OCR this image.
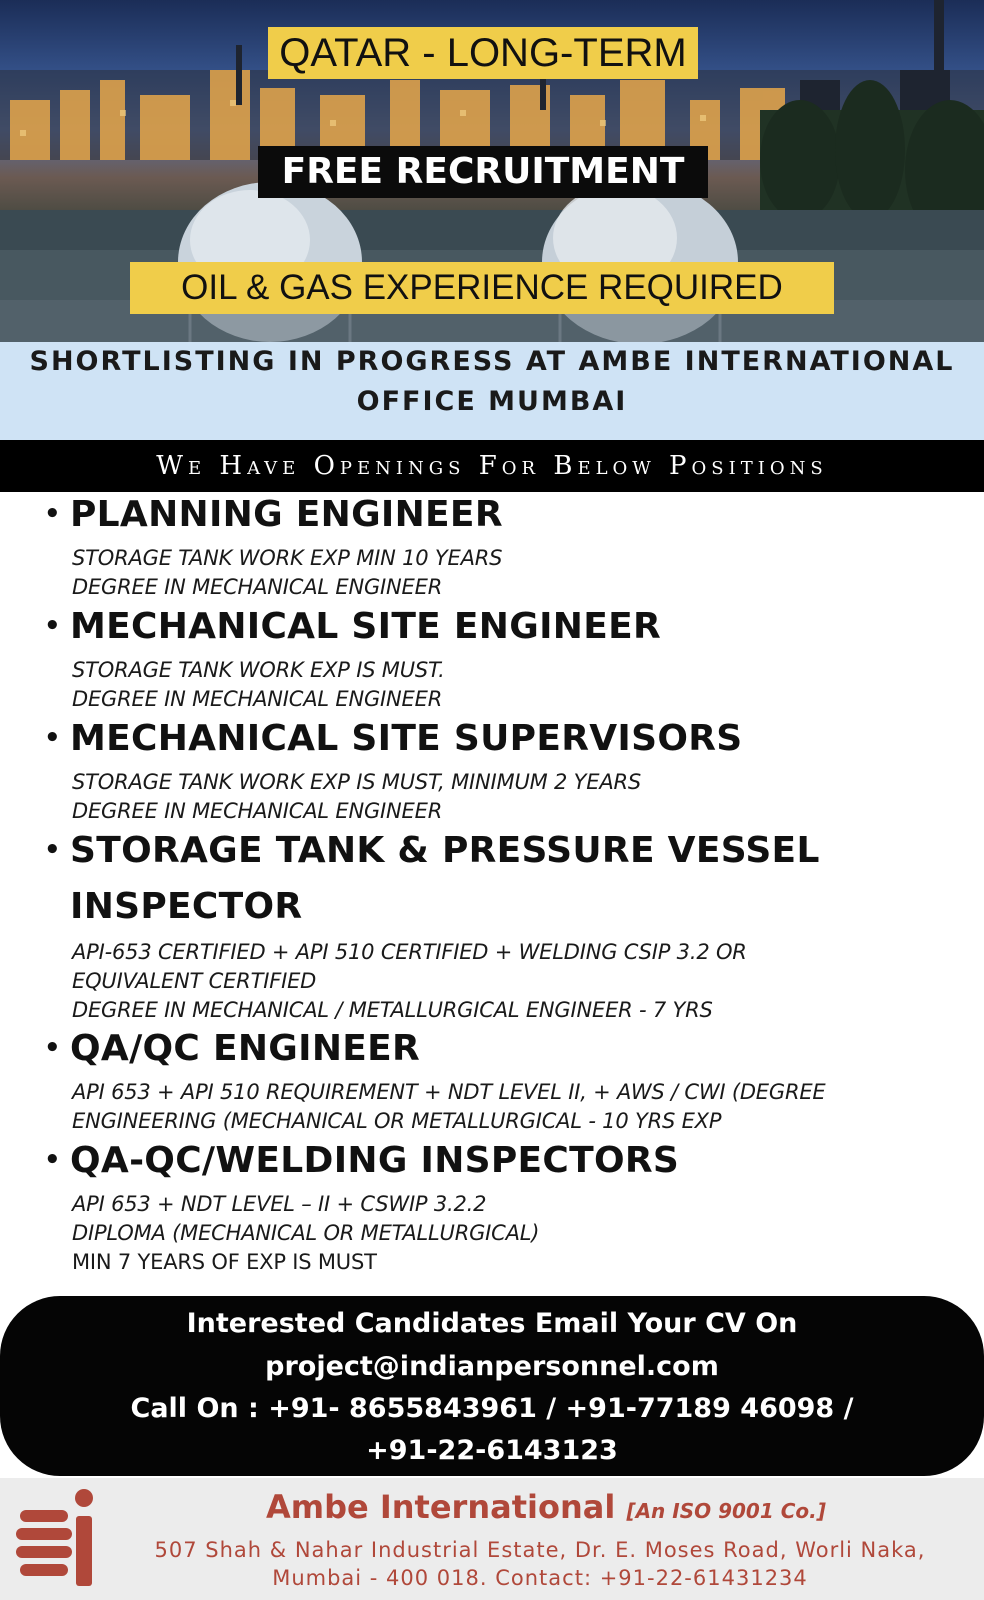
QATAR - LONG-TERM
FREE RECRUITMENT
OIL & GAS EXPERIENCE REQUIRED
SHORTLISTING IN PROGRESS AT AMBE INTERNATIONAL
OFFICE MUMBAI
We Have Openings For Below Positions
• PLANNING ENGINEER
STORAGE TANK WORK EXP MIN 10 YEARS
DEGREE IN MECHANICAL ENGINEER
• MECHANICAL SITE ENGINEER
STORAGE TANK WORK EXP IS MUST.
DEGREE IN MECHANICAL ENGINEER
• MECHANICAL SITE SUPERVISORS
STORAGE TANK WORK EXP IS MUST, MINIMUM 2 YEARS
DEGREE IN MECHANICAL ENGINEER
• STORAGE TANK & PRESSURE VESSEL
INSPECTOR
API-653 CERTIFIED + API 510 CERTIFIED + WELDING CSIP 3.2 OR
EQUIVALENT CERTIFIED
DEGREE IN MECHANICAL / METALLURGICAL ENGINEER - 7 YRS
• QA/QC ENGINEER
API 653 + API 510 REQUIREMENT + NDT LEVEL II, + AWS / CWI (DEGREE
ENGINEERING (MECHANICAL OR METALLURGICAL - 10 YRS EXP
• QA-QC/WELDING INSPECTORS
API 653 + NDT LEVEL – II + CSWIP 3.2.2
DIPLOMA (MECHANICAL OR METALLURGICAL)
MIN 7 YEARS OF EXP IS MUST
Interested Candidates Email Your CV On
project@indianpersonnel.com
Call On : +91- 8655843961 / +91-77189 46098 /
+91-22-6143123
Ambe International [An ISO 9001 Co.]
507 Shah & Nahar Industrial Estate, Dr. E. Moses Road, Worli Naka,
Mumbai - 400 018. Contact: +91-22-61431234
